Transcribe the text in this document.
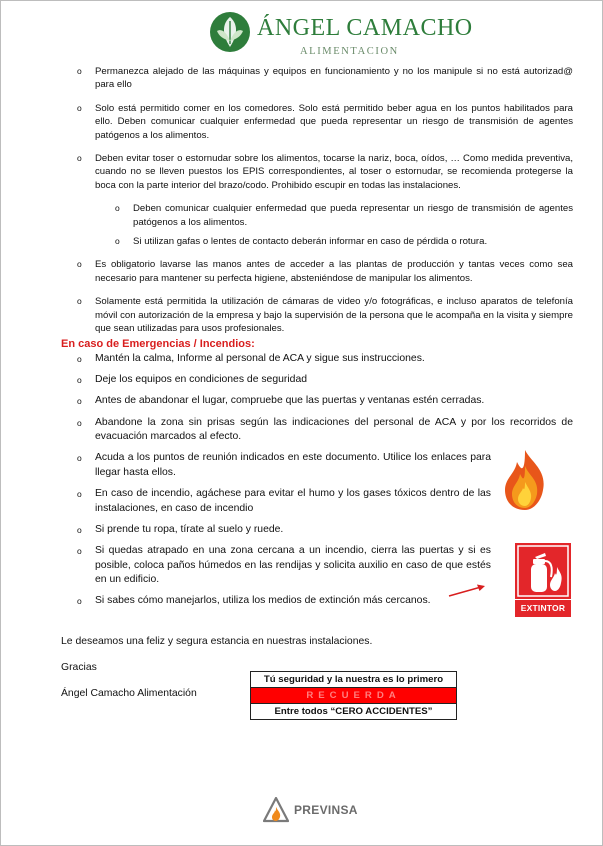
ÁNGEL CAMACHO
ALIMENTACION
o Permanezca alejado de las máquinas y equipos en funcionamiento y no los manipule si no está autorizad@ para ello
o Solo está permitido comer en los comedores. Solo está permitido beber agua en los puntos habilitados para ello. Deben comunicar cualquier enfermedad que pueda representar un riesgo de transmisión de agentes patógenos a los alimentos.
o Deben evitar toser o estornudar sobre los alimentos, tocarse la nariz, boca, oídos, … Como medida preventiva, cuando no se lleven puestos los EPIS correspondientes, al toser o estornudar, se recomienda protegerse la boca con la parte interior del brazo/codo. Prohibido escupir en todas las instalaciones.
o Deben comunicar cualquier enfermedad que pueda representar un riesgo de transmisión de agentes patógenos a los alimentos.
o Si utilizan gafas o lentes de contacto deberán informar en caso de pérdida o rotura.
o Es obligatorio lavarse las manos antes de acceder a las plantas de producción y tantas veces como sea necesario para mantener su perfecta higiene, absteniéndose de manipular los alimentos.
o Solamente está permitida la utilización de cámaras de video y/o fotográficas, e incluso aparatos de telefonía móvil con autorización de la empresa y bajo la supervisión de la persona que le acompaña en la visita y siempre que sean utilizadas para usos profesionales.
En caso de Emergencias / Incendios:
o Mantén la calma, Informe al personal de ACA y sigue sus instrucciones.
o Deje los equipos en condiciones de seguridad
o Antes de abandonar el lugar, compruebe que las puertas y ventanas estén cerradas.
o Abandone la zona sin prisas según las indicaciones del personal de ACA y por los recorridos de evacuación marcados al efecto.
o Acuda a los puntos de reunión indicados en este documento. Utilice los enlaces para llegar hasta ellos.
o En caso de incendio, agáchese para evitar el humo y los gases tóxicos dentro de las instalaciones, en caso de incendio
o Si prende tu ropa, tírate al suelo y ruede.
o Si quedas atrapado en una zona cercana a un incendio, cierra las puertas y si es posible, coloca paños húmedos en las rendijas y solicita auxilio en caso de que estés en un edificio.
o Si sabes cómo manejarlos, utiliza los medios de extinción más cercanos.
EXTINTOR
Le deseamos una feliz y segura estancia en nuestras instalaciones.
Gracias
Ángel Camacho Alimentación
Tú seguridad y la nuestra es lo primero
RECUERDA
Entre todos “CERO ACCIDENTES”
PREVINSA
